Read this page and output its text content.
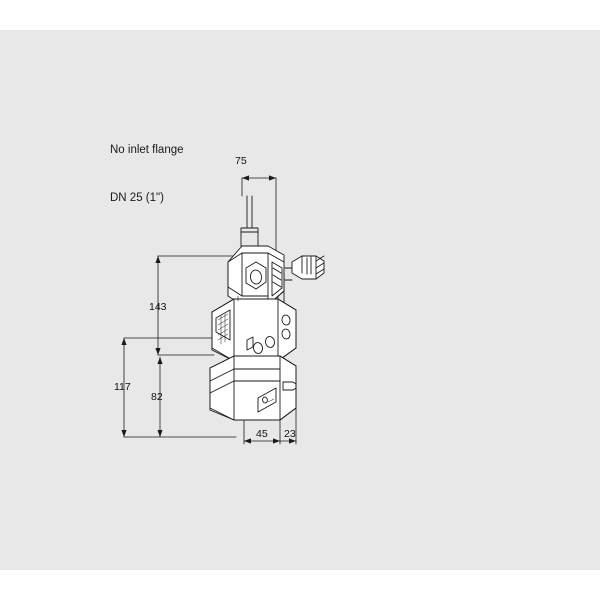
No inlet flange

DN 25 (1")

75
143
117
82
45 23
